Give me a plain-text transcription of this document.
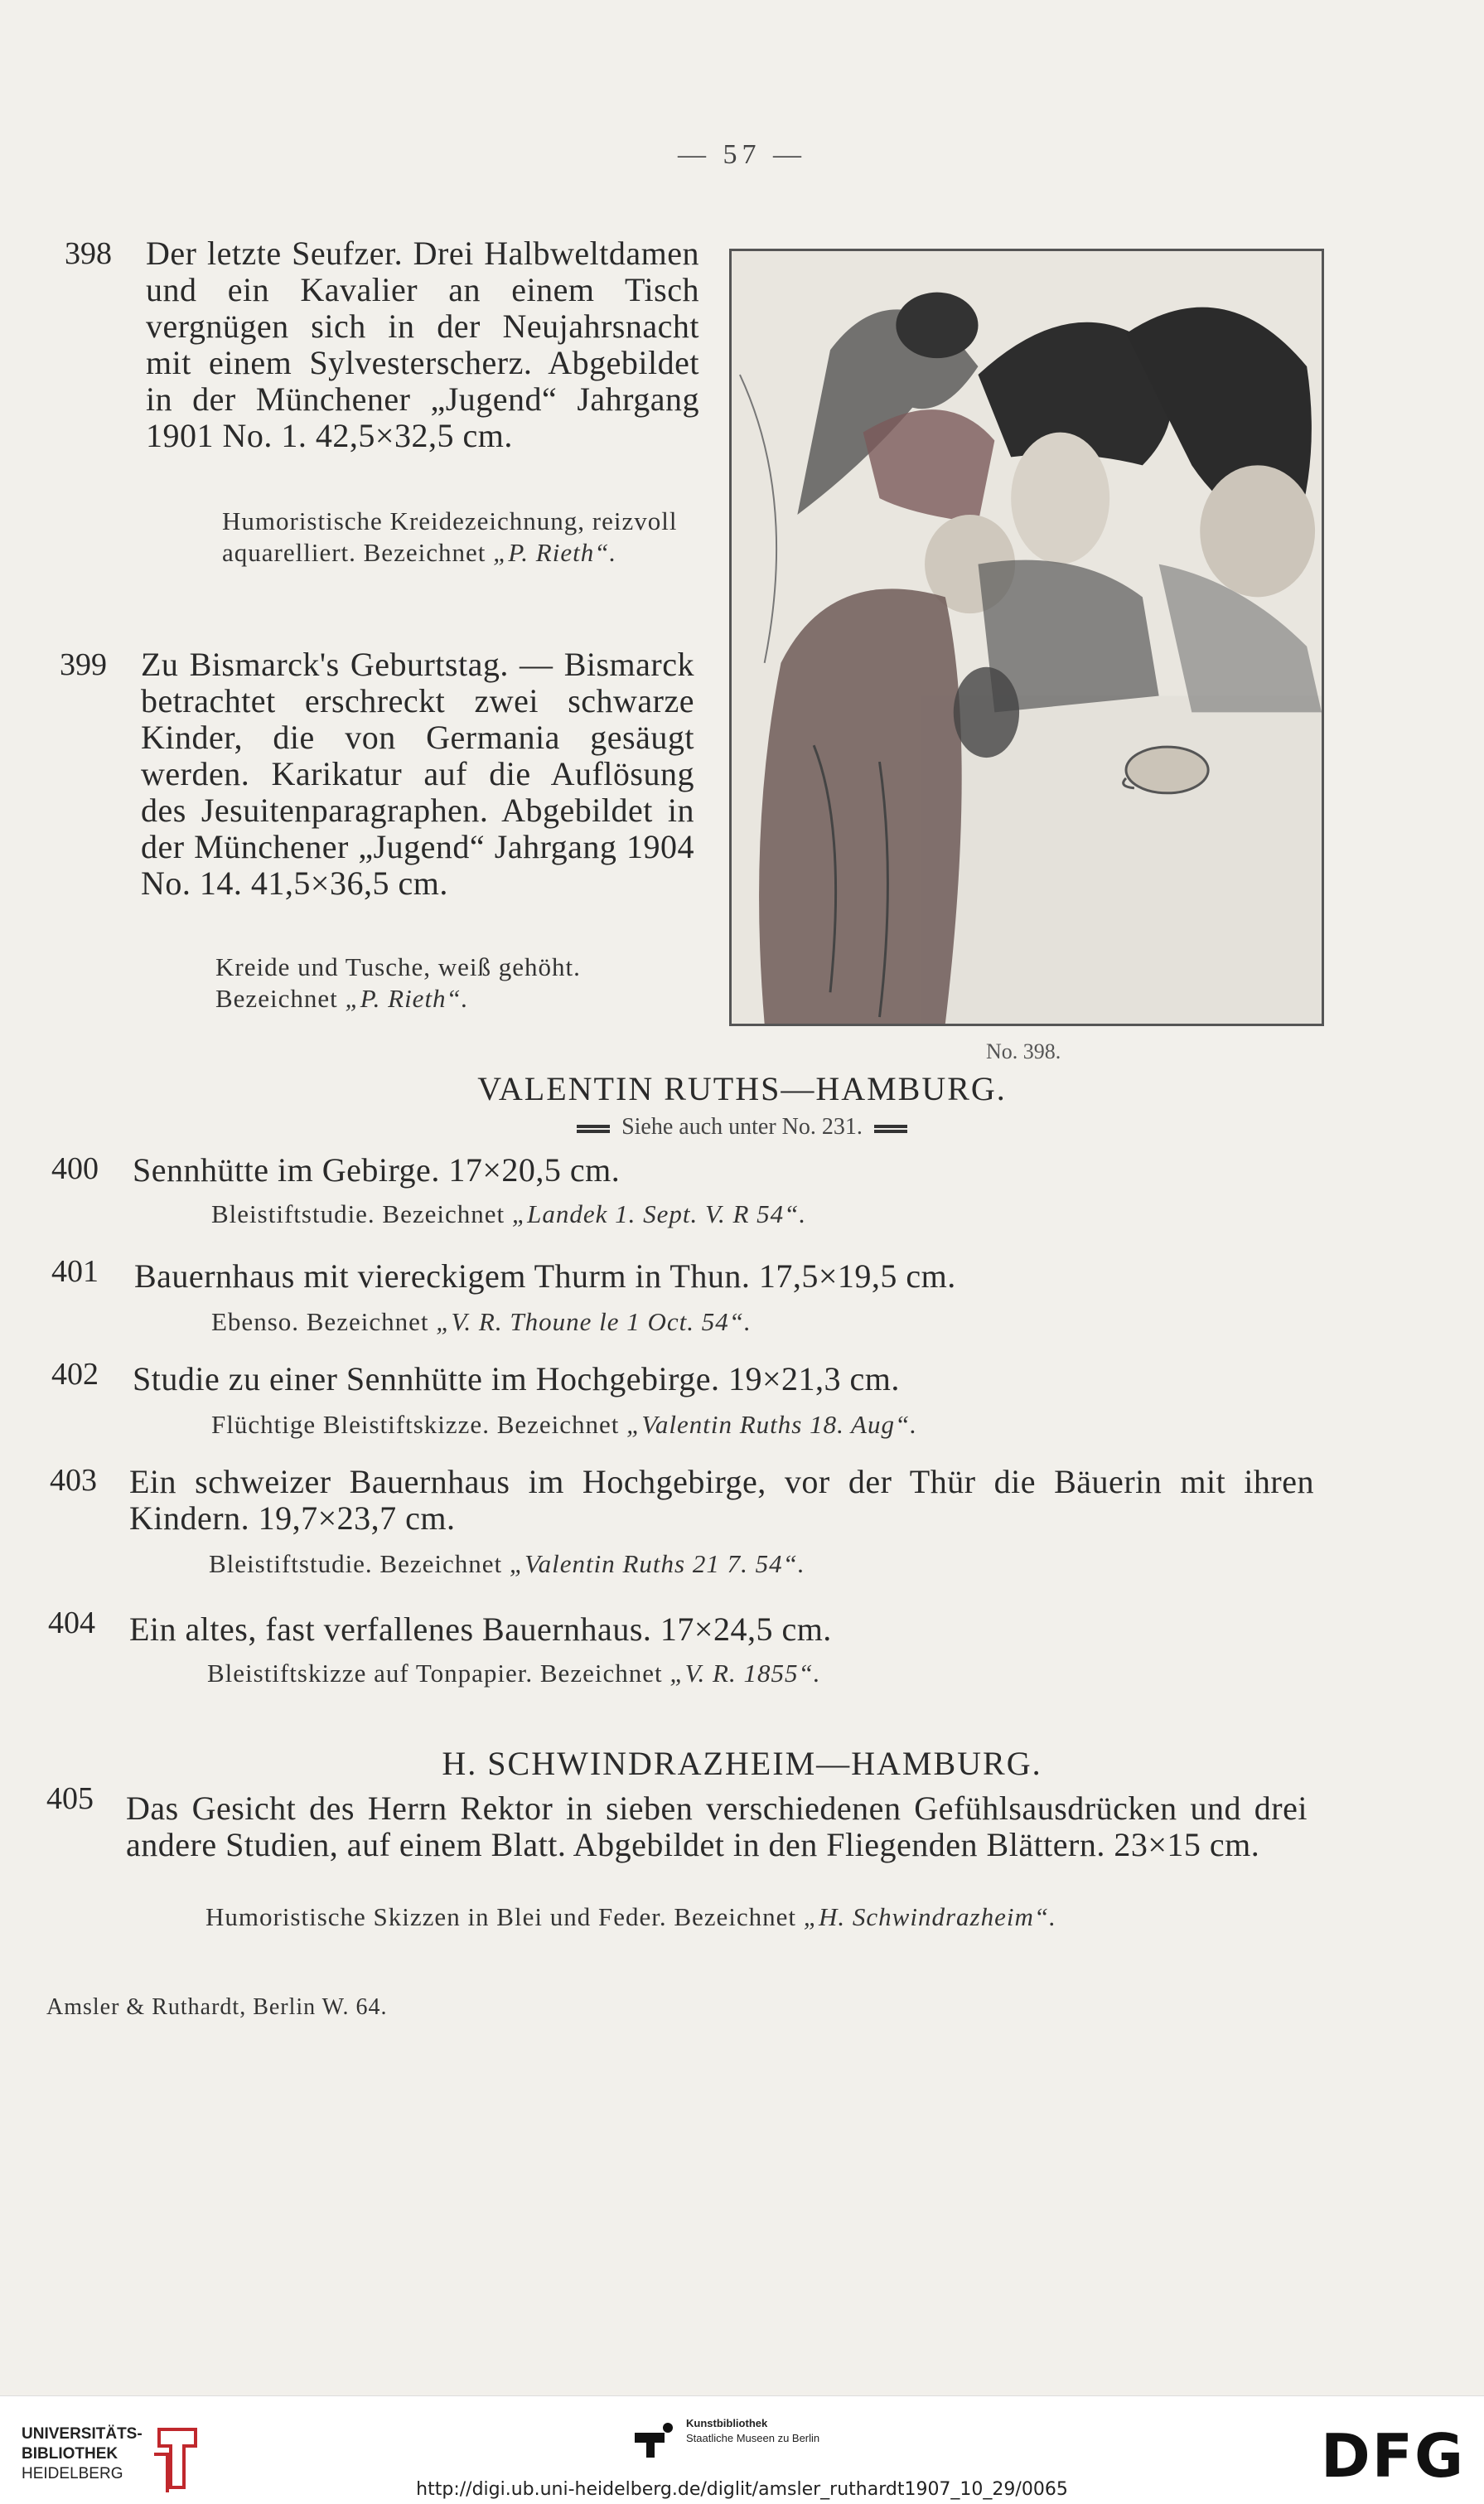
— 57 —
398 Der letzte Seufzer. Drei Halbweltdamen und ein Kavalier an einem Tisch vergnügen sich in der Neujahrsnacht mit einem Sylvesterscherz. Abgebildet in der Münchener „Jugend“ Jahrgang 1901 No. 1. 42,5×32,5 cm.
Humoristische Kreidezeichnung, reizvoll aquarelliert. Bezeichnet „P. Rieth“.
399 Zu Bismarck's Geburtstag. — Bismarck betrachtet erschreckt zwei schwarze Kinder, die von Germania gesäugt werden. Karikatur auf die Auflösung des Jesuitenparagraphen. Abgebildet in der Münchener „Jugend“ Jahrgang 1904 No. 14. 41,5×36,5 cm.
Kreide und Tusche, weiß gehöht. Bezeichnet „P. Rieth“.
No. 398.
VALENTIN RUTHS—HAMBURG.
Siehe auch unter No. 231.
400 Sennhütte im Gebirge. 17×20,5 cm.
Bleistiftstudie. Bezeichnet „Landek 1. Sept. V. R 54“.
401 Bauernhaus mit viereckigem Thurm in Thun. 17,5×19,5 cm.
Ebenso. Bezeichnet „V. R. Thoune le 1 Oct. 54“.
402 Studie zu einer Sennhütte im Hochgebirge. 19×21,3 cm.
Flüchtige Bleistiftskizze. Bezeichnet „Valentin Ruths 18. Aug“.
403 Ein schweizer Bauernhaus im Hochgebirge, vor der Thür die Bäuerin mit ihren Kindern. 19,7×23,7 cm.
Bleistiftstudie. Bezeichnet „Valentin Ruths 21 7. 54“.
404 Ein altes, fast verfallenes Bauernhaus. 17×24,5 cm.
Bleistiftskizze auf Tonpapier. Bezeichnet „V. R. 1855“.
H. SCHWINDRAZHEIM—HAMBURG.
405 Das Gesicht des Herrn Rektor in sieben verschiedenen Gefühlsausdrücken und drei andere Studien, auf einem Blatt. Abgebildet in den Fliegenden Blättern. 23×15 cm.
Humoristische Skizzen in Blei und Feder. Bezeichnet „H. Schwindrazheim“.
Amsler & Ruthardt, Berlin W. 64.
UNIVERSITÄTS-
BIBLIOTHEK
HEIDELBERG
Kunstbibliothek
Staatliche Museen zu Berlin	DFG
http://digi.ub.uni-heidelberg.de/diglit/amsler_ruthardt1907_10_29/0065
